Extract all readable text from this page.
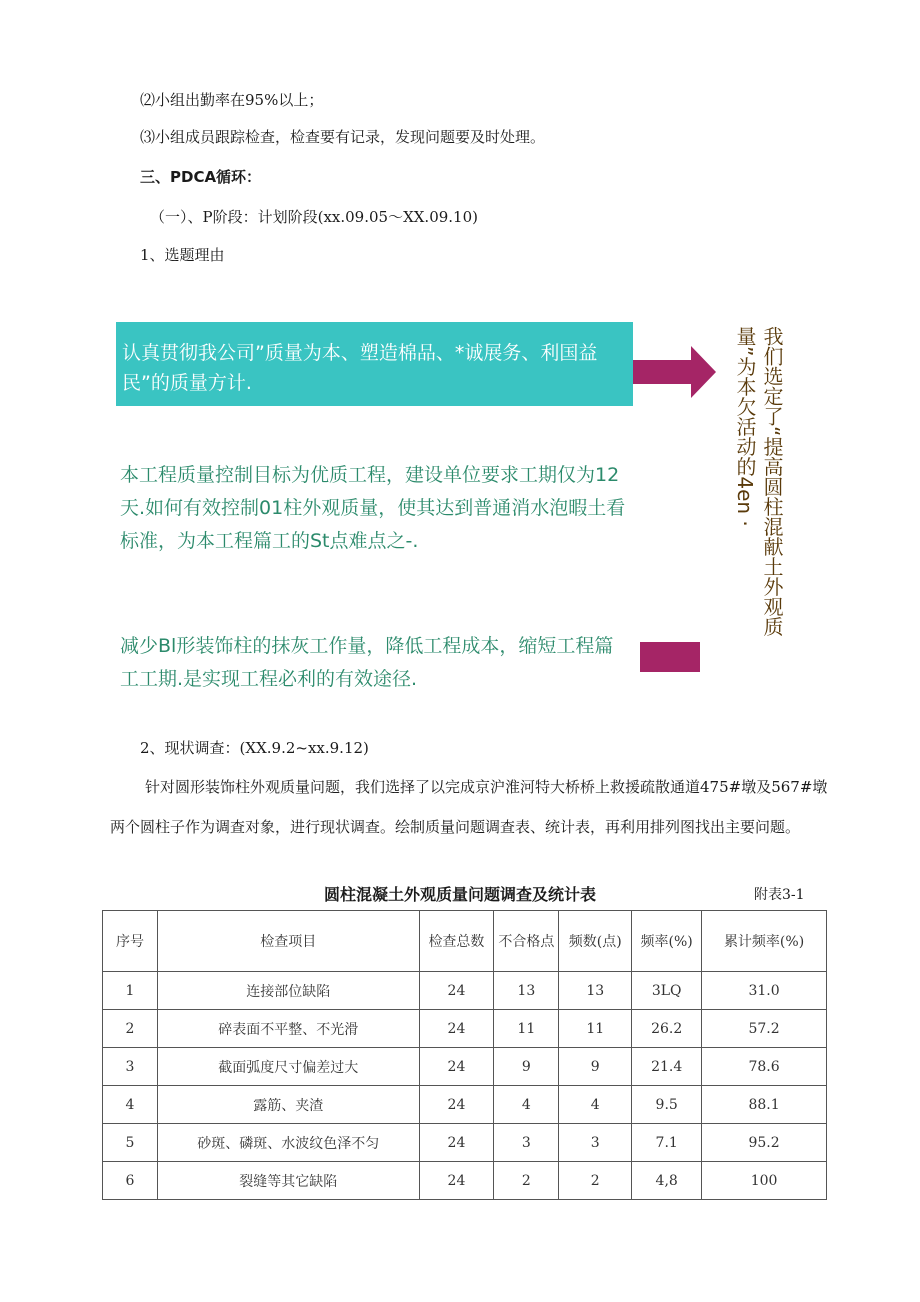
⑵小组出勤率在95%以上；
⑶小组成员跟踪检查，检查要有记录，发现问题要及时处理。
三、PDCA循环：
（一）、P阶段：计划阶段(xx.09.05～XX.09.10)
1、选题理由
认真贯彻我公司”质量为本、塑造棉品、*诚展务、利国益民”的质量方计.
本工程质量控制目标为优质工程，建设单位要求工期仅为12天.如何有效控制01柱外观质量，使其达到普通消水泡暇土看标准，为本工程篇工的St点难点之-.
减少Bl形装饰柱的抹灰工作量，降低工程成本，缩短工程篇工工期.是实现工程必利的有效途径.
我们选定了“提高圆柱混献土外观质
量”为本欠活动的4en ·
2、现状调查：(XX.9.2~xx.9.12)
针对圆形装饰柱外观质量问题，我们选择了以完成京沪淮河特大桥桥上救援疏散通道475#墩及567#墩两个圆柱子作为调查对象，进行现状调查。绘制质量问题调查表、统计表，再利用排列图找出主要问题。
圆柱混凝土外观质量问题调查及统计表	附表3-1
序号	检查项目	检查总数	不合格点	频数(点)	频率(%)	累计频率(%)
1	连接部位缺陷	24	13	13	3LQ	31.0
2	碎表面不平整、不光滑	24	11	11	26.2	57.2
3	截面弧度尺寸偏差过大	24	9	9	21.4	78.6
4	露筋、夹渣	24	4	4	9.5	88.1
5	砂斑、磷斑、水波纹色泽不匀	24	3	3	7.1	95.2
6	裂缝等其它缺陷	24	2	2	4,8	100
